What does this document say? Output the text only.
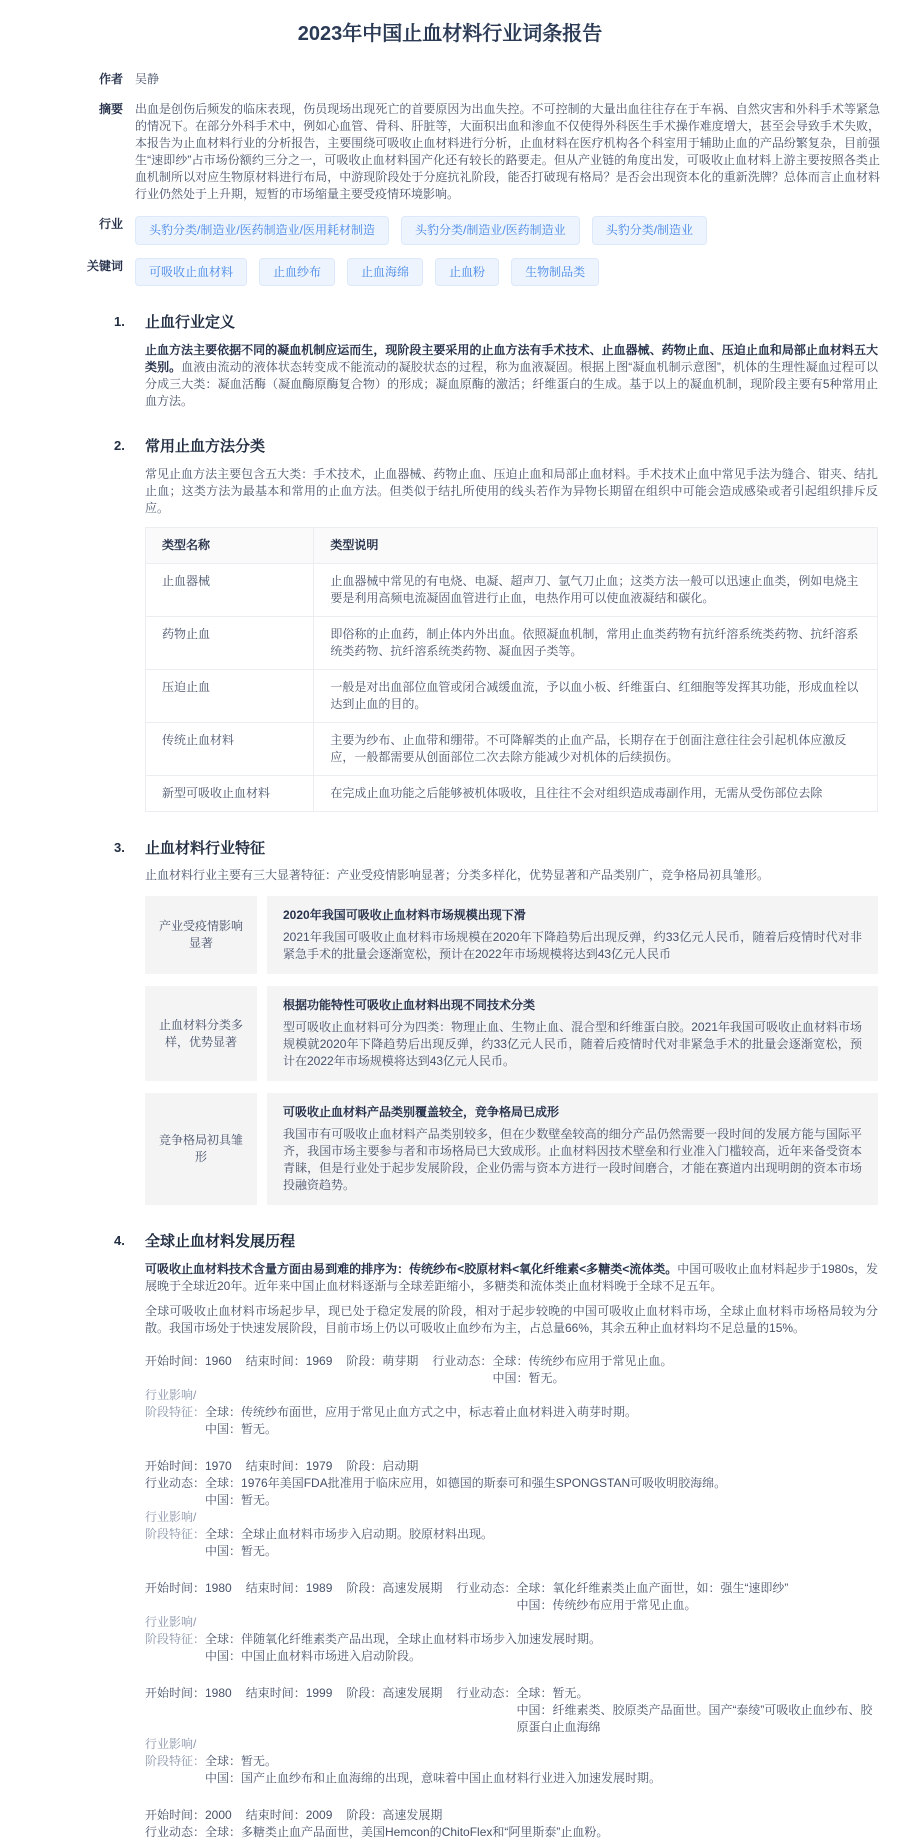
2023年中国止血材料行业词条报告
作者 吴静
摘要 出血是创伤后频发的临床表现，伤员现场出现死亡的首要原因为出血失控。不可控制的大量出血往往存在于车祸、自然灾害和外科手术等紧急的情况下。在部分外科手术中，例如心血管、骨科、肝脏等，大面积出血和渗血不仅使得外科医生手术操作难度增大，甚至会导致手术失败，本报告为止血材料行业的分析报告，主要围绕可吸收止血材料进行分析，止血材料在医疗机构各个科室用于辅助止血的产品纷繁复杂，目前强生“速即纱”占市场份额约三分之一，可吸收止血材料国产化还有较长的路要走。但从产业链的角度出发，可吸收止血材料上游主要按照各类止血机制所以对应生物原材料进行布局，中游现阶段处于分庭抗礼阶段，能否打破现有格局？是否会出现资本化的重新洗牌？总体而言止血材料行业仍然处于上升期，短暂的市场缩量主要受疫情环境影响。
行业	头豹分类/制造业/医药制造业/医用耗材制造	头豹分类/制造业/医药制造业	头豹分类/制造业
关键词	可吸收止血材料	止血纱布	止血海绵	止血粉	生物制品类
1. 止血行业定义

止血方法主要依据不同的凝血机制应运而生，现阶段主要采用的止血方法有手术技术、止血器械、药物止血、压迫止血和局部止血材料五大类别。血液由流动的液体状态转变成不能流动的凝胶状态的过程，称为血液凝固。根据上图“凝血机制示意图”，机体的生理性凝血过程可以分成三大类：凝血活酶（凝血酶原酶复合物）的形成；凝血原酶的激活；纤维蛋白的生成。基于以上的凝血机制，现阶段主要有5种常用止血方法。

2. 常用止血方法分类

常见止血方法主要包含五大类：手术技术，止血器械、药物止血、压迫止血和局部止血材料。手术技术止血中常见手法为缝合、钳夹、结扎止血；这类方法为最基本和常用的止血方法。但类似于结扎所使用的线头若作为异物长期留在组织中可能会造成感染或者引起组织排斥反应。

类型名称	类型说明
止血器械	止血器械中常见的有电烧、电凝、超声刀、氩气刀止血；这类方法一般可以迅速止血类，例如电烧主要是利用高频电流凝固血管进行止血，电热作用可以使血液凝结和碳化。
药物止血	即俗称的止血药，制止体内外出血。依照凝血机制，常用止血类药物有抗纤溶系统类药物、抗纤溶系统类药物、抗纤溶系统类药物、凝血因子类等。
压迫止血	一般是对出血部位血管或闭合减缓血流，予以血小板、纤维蛋白、红细胞等发挥其功能，形成血栓以达到止血的目的。
传统止血材料	主要为纱布、止血带和绷带。不可降解类的止血产品，长期存在于创面注意往往会引起机体应激反应，一般都需要从创面部位二次去除方能减少对机体的后续损伤。
新型可吸收止血材料	在完成止血功能之后能够被机体吸收，且往往不会对组织造成毒副作用，无需从受伤部位去除
3. 止血材料行业特征

止血材料行业主要有三大显著特征：产业受疫情影响显著；分类多样化，优势显著和产品类别广，竞争格局初具雏形。

产业受疫情影响显著
2020年我国可吸收止血材料市场规模出现下滑
2021年我国可吸收止血材料市场规模在2020年下降趋势后出现反弹，约33亿元人民币，随着后疫情时代对非紧急手术的批量会逐渐宽松，预计在2022年市场规模将达到43亿元人民币
止血材料分类多样，优势显著
根据功能特性可吸收止血材料出现不同技术分类
型可吸收止血材料可分为四类：物理止血、生物止血、混合型和纤维蛋白胶。2021年我国可吸收止血材料市场规模就2020年下降趋势后出现反弹，约33亿元人民币，随着后疫情时代对非紧急手术的批量会逐渐宽松，预计在2022年市场规模将达到43亿元人民币。
竞争格局初具雏形
可吸收止血材料产品类别覆盖较全，竞争格局已成形
我国市有可吸收止血材料产品类别较多，但在少数壁垒较高的细分产品仍然需要一段时间的发展方能与国际平齐，我国市场主要参与者和市场格局已大致成形。止血材料因技术壁垒和行业准入门槛较高，近年来备受资本青睐，但是行业处于起步发展阶段，企业仍需与资本方进行一段时间磨合，才能在赛道内出现明朗的资本市场投融资趋势。
4. 全球止血材料发展历程

可吸收止血材料技术含量方面由易到难的排序为：传统纱布<胶原材料<氧化纤维素<多糖类<流体类。中国可吸收止血材料起步于1980s，发展晚于全球近20年。近年来中国止血材料逐渐与全球差距缩小，多糖类和流体类止血材料晚于全球不足五年。

全球可吸收止血材料市场起步早，现已处于稳定发展的阶段，相对于起步较晚的中国可吸收止血材料市场，全球止血材料市场格局较为分散。我国市场处于快速发展阶段，目前市场上仍以可吸收止血纱布为主，占总量66%，其余五种止血材料均不足总量的15%。

开始时间：1960 结束时间：1969 阶段：萌芽期 行业动态： 全球：传统纱布应用于常见止血。
中国：暂无。
行业影响/
阶段特征： 全球：传统纱布面世，应用于常见止血方式之中，标志着止血材料进入萌芽时期。
中国：暂无。
开始时间：1970 结束时间：1979 阶段：启动期
行业动态： 全球：1976年美国FDA批准用于临床应用，如德国的斯泰可和强生SPONGSTAN可吸收明胶海绵。
中国：暂无。
行业影响/
阶段特征： 全球：全球止血材料市场步入启动期。胶原材料出现。
中国：暂无。
开始时间：1980 结束时间：1989 阶段：高速发展期 行业动态： 全球：氧化纤维素类止血产面世，如：强生“速即纱”
中国：传统纱布应用于常见止血。
行业影响/
阶段特征： 全球：伴随氧化纤维素类产品出现，全球止血材料市场步入加速发展时期。
中国：中国止血材料市场进入启动阶段。
开始时间：1980 结束时间：1999 阶段：高速发展期 行业动态： 全球：暂无。
中国：纤维素类、胶原类产品面世。国产“泰绫”可吸收止血纱布、胶原蛋白止血海绵
行业影响/
阶段特征： 全球：暂无。
中国：国产止血纱布和止血海绵的出现，意味着中国止血材料行业进入加速发展时期。
开始时间：2000 结束时间：2009 阶段：高速发展期
行业动态： 全球：多糖类止血产品面世，美国Hemcon的ChitoFlex和“阿里斯泰”止血粉。
